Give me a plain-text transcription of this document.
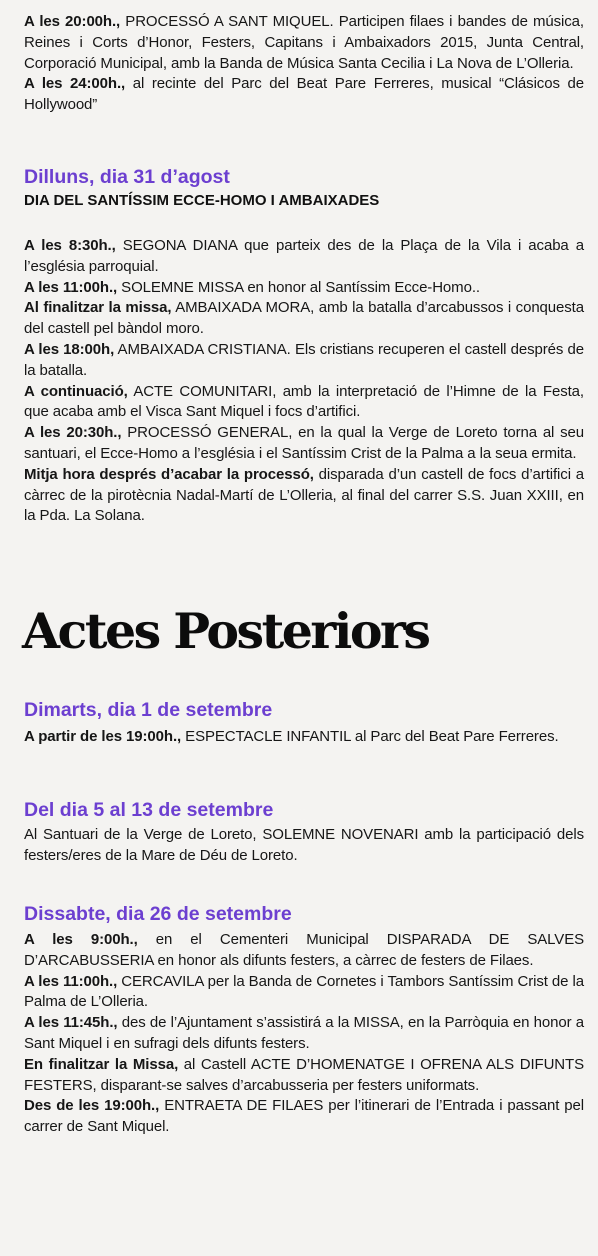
A les 20:00h., PROCESSÓ A SANT MIQUEL. Participen filaes i bandes de música, Reines i Corts d’Honor, Festers, Capitans i Ambaixadors 2015, Junta Central, Corporació Municipal, amb la Banda de Música Santa Cecilia i La Nova de L’Olleria.

A les 24:00h., al recinte del Parc del Beat Pare Ferreres, musical “Clásicos de Hollywood”

Dilluns, dia 31 d’agost
DIA DEL SANTÍSSIM ECCE-HOMO I AMBAIXADES

A les 8:30h., SEGONA DIANA que parteix des de la Plaça de la Vila i acaba a l’església parroquial.

A les 11:00h., SOLEMNE MISSA en honor al Santíssim Ecce-Homo..

Al finalitzar la missa, AMBAIXADA MORA, amb la batalla d’arcabussos i conquesta del castell pel bàndol moro.

A les 18:00h, AMBAIXADA CRISTIANA. Els cristians recuperen el castell després de la batalla.

A continuació, ACTE COMUNITARI, amb la interpretació de l’Himne de la Festa, que acaba amb el Visca Sant Miquel i focs d’artifici.

A les 20:30h., PROCESSÓ GENERAL, en la qual la Verge de Loreto torna al seu santuari, el Ecce-Homo a l’església i el Santíssim Crist de la Palma a la seua ermita.

Mitja hora després d’acabar la processó, disparada d’un castell de focs d’artifici a càrrec de la pirotècnia Nadal-Martí de L’Olleria, al final del carrer S.S. Juan XXIII, en la Pda. La Solana.

Actes Posteriors
Dimarts, dia 1 de setembre

A partir de les 19:00h., ESPECTACLE INFANTIL al Parc del Beat Pare Ferreres.

Del dia 5 al 13 de setembre

Al Santuari de la Verge de Loreto, SOLEMNE NOVENARI amb la participació dels festers/eres de la Mare de Déu de Loreto.

Dissabte, dia 26 de setembre

A les 9:00h., en el Cementeri Municipal DISPARADA DE SALVES D’ARCABUSSERIA en honor als difunts festers, a càrrec de festers de Filaes.

A les 11:00h., CERCAVILA per la Banda de Cornetes i Tambors Santíssim Crist de la Palma de L’Olleria.

A les 11:45h., des de l’Ajuntament s’assistirá a la MISSA, en la Parròquia en honor a Sant Miquel i en sufragi dels difunts festers.

En finalitzar la Missa, al Castell ACTE D’HOMENATGE I OFRENA ALS DIFUNTS FESTERS, disparant-se salves d’arcabusseria per festers uniformats.

Des de les 19:00h., ENTRAETA DE FILAES per l’itinerari de l’Entrada i passant pel carrer de Sant Miquel.
